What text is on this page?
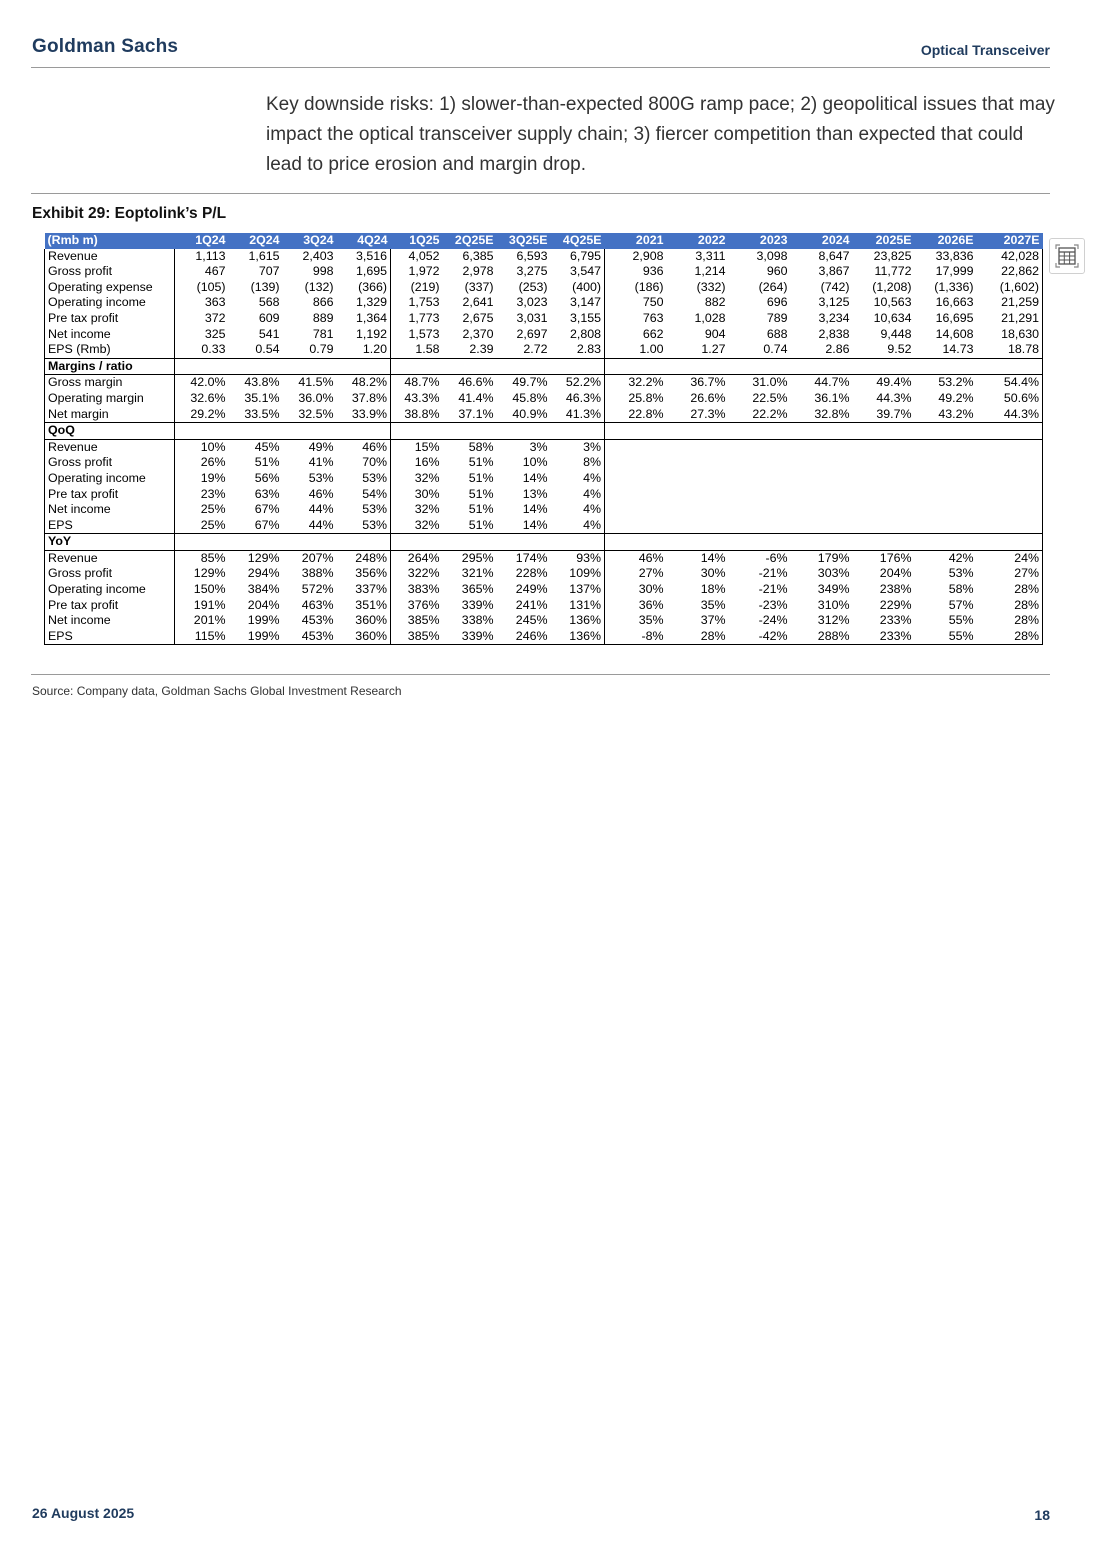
Goldman Sachs	Optical Transceiver
Key downside risks: 1) slower-than-expected 800G ramp pace; 2) geopolitical issues that may impact the optical transceiver supply chain; 3) fiercer competition than expected that could lead to price erosion and margin drop.
Exhibit 29: Eoptolink’s P/L
(Rmb m)	1Q24	2Q24	3Q24	4Q24	1Q25	2Q25E	3Q25E	4Q25E	2021	2022	2023	2024	2025E	2026E	2027E
Revenue	1,113	1,615	2,403	3,516	4,052	6,385	6,593	6,795	2,908	3,311	3,098	8,647	23,825	33,836	42,028
Gross profit	467	707	998	1,695	1,972	2,978	3,275	3,547	936	1,214	960	3,867	11,772	17,999	22,862
Operating expense	(105)	(139)	(132)	(366)	(219)	(337)	(253)	(400)	(186)	(332)	(264)	(742)	(1,208)	(1,336)	(1,602)
Operating income	363	568	866	1,329	1,753	2,641	3,023	3,147	750	882	696	3,125	10,563	16,663	21,259
Pre tax profit	372	609	889	1,364	1,773	2,675	3,031	3,155	763	1,028	789	3,234	10,634	16,695	21,291
Net income	325	541	781	1,192	1,573	2,370	2,697	2,808	662	904	688	2,838	9,448	14,608	18,630
EPS (Rmb)	0.33	0.54	0.79	1.20	1.58	2.39	2.72	2.83	1.00	1.27	0.74	2.86	9.52	14.73	18.78
Margins / ratio															
Gross margin	42.0%	43.8%	41.5%	48.2%	48.7%	46.6%	49.7%	52.2%	32.2%	36.7%	31.0%	44.7%	49.4%	53.2%	54.4%
Operating margin	32.6%	35.1%	36.0%	37.8%	43.3%	41.4%	45.8%	46.3%	25.8%	26.6%	22.5%	36.1%	44.3%	49.2%	50.6%
Net margin	29.2%	33.5%	32.5%	33.9%	38.8%	37.1%	40.9%	41.3%	22.8%	27.3%	22.2%	32.8%	39.7%	43.2%	44.3%
QoQ															
Revenue	10%	45%	49%	46%	15%	58%	3%	3%							
Gross profit	26%	51%	41%	70%	16%	51%	10%	8%							
Operating income	19%	56%	53%	53%	32%	51%	14%	4%							
Pre tax profit	23%	63%	46%	54%	30%	51%	13%	4%							
Net income	25%	67%	44%	53%	32%	51%	14%	4%							
EPS	25%	67%	44%	53%	32%	51%	14%	4%							
YoY															
Revenue	85%	129%	207%	248%	264%	295%	174%	93%	46%	14%	-6%	179%	176%	42%	24%
Gross profit	129%	294%	388%	356%	322%	321%	228%	109%	27%	30%	-21%	303%	204%	53%	27%
Operating income	150%	384%	572%	337%	383%	365%	249%	137%	30%	18%	-21%	349%	238%	58%	28%
Pre tax profit	191%	204%	463%	351%	376%	339%	241%	131%	36%	35%	-23%	310%	229%	57%	28%
Net income	201%	199%	453%	360%	385%	338%	245%	136%	35%	37%	-24%	312%	233%	55%	28%
EPS	115%	199%	453%	360%	385%	339%	246%	136%	-8%	28%	-42%	288%	233%	55%	28%
Source: Company data, Goldman Sachs Global Investment Research
26 August 2025	18
